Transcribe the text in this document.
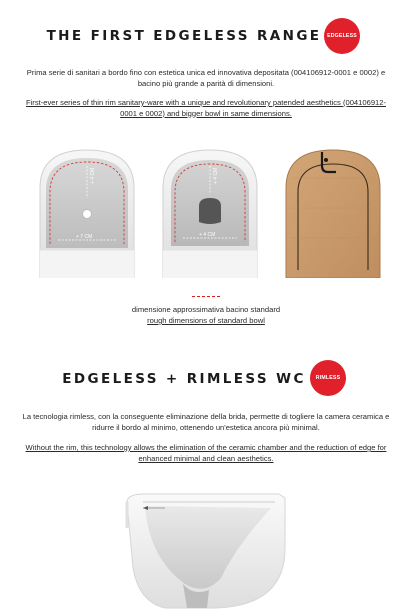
THE FIRST EDGELESS RANGE	EDGELESS
Prima serie di sanitari a bordo fino con estetica unica ed innovativa depositata (004106912-0001 e 0002) e bacino più grande a parità di dimensioni.
First-ever series of thin rim sanitary-ware with a unique and revolutionary patended aesthetics (004106912-0001 e 0002) and bigger bowl in same dimensions.
+ 4 CM
+ 7 CM
+ 4 CM
+ 4 CM
dimensione approssimativa bacino standard
rough dimensions of standard bowl
EDGELESS + RIMLESS WC	RIMLESS
La tecnologia rimless, con la conseguente eliminazione della brida, permette di togliere la camera ceramica e ridurre il bordo al minimo, ottenendo un'estetica ancora più minimal.
Without the rim, this technology allows the elimination of the ceramic chamber and the reduction of edge for enhanced minimal and clean aesthetics.
